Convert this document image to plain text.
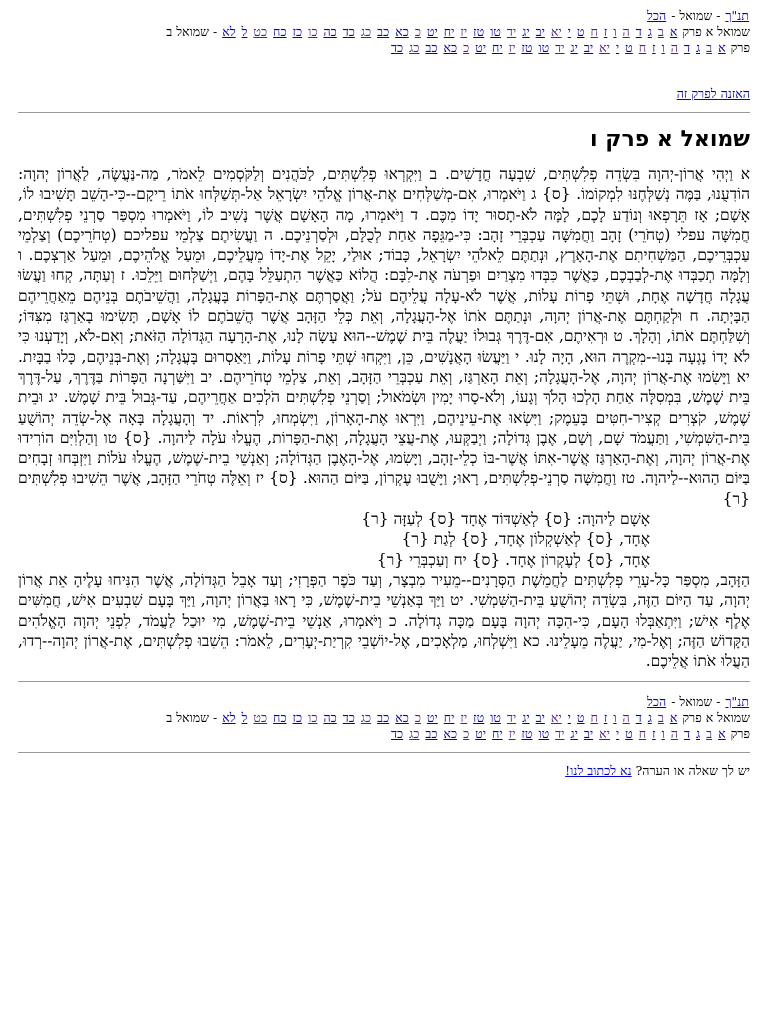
תנ"ך - שמואל - הכל
שמואל א פרק א ב ג ד ה ו ז ח ט י יא יב יג יד טו טז יז יח יט כ כא כב כג כד כה כו כז כח כט ל לא - שמואל ב
פרק א ב ג ד ה ו ז ח ט י יא יב יג יד טו טז יז יח יט כ כא כב כג כד
האזנה לפרק זה
שמואל א פרק ו

א וַיְהִי אֲרוֹן-יְהוָה בִּשְׂדֵה פְלִשְׁתִּים, שִׁבְעָה חֳדָשִׁים. ב וַיִּקְרְאוּ פְלִשְׁתִּים, לַכֹּהֲנִים וְלַקֹּסְמִים לֵאמֹר, מַה-נַּעֲשֶׂה, לַאֲרוֹן יְהוָה: הוֹדִעֻנוּ, בַּמֶּה נְשַׁלְּחֶנּוּ לִמְקוֹמוֹ. {ס} ג וַיֹּאמְרוּ, אִם-מְשַׁלְּחִים אֶת-אֲרוֹן אֱלֹהֵי יִשְׂרָאֵל אַל-תְּשַׁלְּחוּ אֹתוֹ רֵיקָם--כִּי-הָשֵׁב תָּשִׁיבוּ לוֹ, אָשָׁם; אָז תֵּרָפְאוּ וְנוֹדַע לָכֶם, לָמָּה לֹא-תָסוּר יָדוֹ מִכֶּם. ד וַיֹּאמְרוּ, מָה הָאָשָׁם אֲשֶׁר נָשִׁיב לוֹ, וַיֹּאמְרוּ מִסְפַּר סַרְנֵי פְלִשְׁתִּים, חֲמִשָּׁה עפלי (טְחֹרֵי) זָהָב וַחֲמִשָּׁה עַכְבְּרֵי זָהָב: כִּי-מַגֵּפָה אַחַת לְכֻלָּם, וּלְסַרְנֵיכֶם. ה וַעֲשִׂיתֶם צַלְמֵי עפליכם (טְחֹרֵיכֶם) וְצַלְמֵי עַכְבְּרֵיכֶם, הַמַּשְׁחִיתִם אֶת-הָאָרֶץ, וּנְתַתֶּם לֵאלֹהֵי יִשְׂרָאֵל, כָּבוֹד; אוּלַי, יָקֵל אֶת-יָדוֹ מֵעֲלֵיכֶם, וּמֵעַל אֱלֹהֵיכֶם, וּמֵעַל אַרְצְכֶם. ו וְלָמָּה תְכַבְּדוּ אֶת-לְבַבְכֶם, כַּאֲשֶׁר כִּבְּדוּ מִצְרַיִם וּפַרְעֹה אֶת-לִבָּם: הֲלוֹא כַּאֲשֶׁר הִתְעַלֵּל בָּהֶם, וַיְשַׁלְּחוּם וַיֵּלֵכוּ. ז וְעַתָּה, קְחוּ וַעֲשׂוּ עֲגָלָה חֲדָשָׁה אֶחָת, וּשְׁתֵּי פָרוֹת עָלוֹת, אֲשֶׁר לֹא-עָלָה עֲלֵיהֶם עֹל; וַאֲסַרְתֶּם אֶת-הַפָּרוֹת בָּעֲגָלָה, וַהֲשֵׁיבֹתֶם בְּנֵיהֶם מֵאַחֲרֵיהֶם הַבָּיְתָה. ח וּלְקַחְתֶּם אֶת-אֲרוֹן יְהוָה, וּנְתַתֶּם אֹתוֹ אֶל-הָעֲגָלָה, וְאֵת כְּלֵי הַזָּהָב אֲשֶׁר הֲשֵׁבֹתֶם לוֹ אָשָׁם, תָּשִׂימוּ בָאַרְגַּז מִצִּדּוֹ; וְשִׁלַּחְתֶּם אֹתוֹ, וְהָלָךְ. ט וּרְאִיתֶם, אִם-דֶּרֶךְ גְּבוּלוֹ יַעֲלֶה בֵּית שֶׁמֶשׁ--הוּא עָשָׂה לָנוּ, אֶת-הָרָעָה הַגְּדוֹלָה הַזֹּאת; וְאִם-לֹא, וְיָדַעְנוּ כִּי לֹא יָדוֹ נָגְעָה בָּנוּ--מִקְרֶה הוּא, הָיָה לָנוּ. י וַיַּעֲשׂוּ הָאֲנָשִׁים, כֵּן, וַיִּקְחוּ שְׁתֵּי פָרוֹת עָלוֹת, וַיַּאַסְרוּם בָּעֲגָלָה; וְאֶת-בְּנֵיהֶם, כָּלוּ בַבָּיִת. יא וַיָּשִׂמוּ אֶת-אֲרוֹן יְהוָה, אֶל-הָעֲגָלָה; וְאֵת הָאַרְגַּז, וְאֵת עַכְבְּרֵי הַזָּהָב, וְאֵת, צַלְמֵי טְחֹרֵיהֶם. יב וַיִּשַּׁרְנָה הַפָּרוֹת בַּדֶּרֶךְ, עַל-דֶּרֶךְ בֵּית שֶׁמֶשׁ, בִּמְסִלָּה אַחַת הָלְכוּ הָלֹךְ וְגָעוֹ, וְלֹא-סָרוּ יָמִין וּשְׂמֹאול; וְסַרְנֵי פְלִשְׁתִּים הֹלְכִים אַחֲרֵיהֶם, עַד-גְּבוּל בֵּית שָׁמֶשׁ. יג וּבֵית שֶׁמֶשׁ, קֹצְרִים קְצִיר-חִטִּים בָּעֵמֶק; וַיִּשְׂאוּ אֶת-עֵינֵיהֶם, וַיִּרְאוּ אֶת-הָאָרוֹן, וַיִּשְׂמְחוּ, לִרְאוֹת. יד וְהָעֲגָלָה בָּאָה אֶל-שְׂדֵה יְהוֹשֻׁעַ בֵּית-הַשִּׁמְשִׁי, וַתַּעֲמֹד שָׁם, וְשָׁם, אֶבֶן גְּדוֹלָה; וַיְבַקְּעוּ, אֶת-עֲצֵי הָעֲגָלָה, וְאֶת-הַפָּרוֹת, הֶעֱלוּ עֹלָה לַיהוָה. {ס} טו וְהַלְוִיִּם הוֹרִידוּ אֶת-אֲרוֹן יְהוָה, וְאֶת-הָאַרְגַּז אֲשֶׁר-אִתּוֹ אֲשֶׁר-בּוֹ כְלֵי-זָהָב, וַיָּשִׂמוּ, אֶל-הָאֶבֶן הַגְּדוֹלָה; וְאַנְשֵׁי בֵית-שֶׁמֶשׁ, הֶעֱלוּ עֹלוֹת וַיִּזְבְּחוּ זְבָחִים בַּיּוֹם הַהוּא--לַיהוָה. טז וַחֲמִשָּׁה סַרְנֵי-פְלִשְׁתִּים, רָאוּ; וַיָּשֻׁבוּ עֶקְרוֹן, בַּיּוֹם הַהוּא. {ס} יז וְאֵלֶּה טְחֹרֵי הַזָּהָב, אֲשֶׁר הֵשִׁיבוּ פְלִשְׁתִּים {ר}

אָשָׁם לַיהוָה: {ס} לְאַשְׁדּוֹד אֶחָד {ס} לְעַזָּה {ר}
אֶחָד, {ס} לְאַשְׁקְלוֹן אֶחָד, {ס} לְגַת {ר}
אֶחָד, {ס} לְעֶקְרוֹן אֶחָד. {ס} יח וְעַכְבְּרֵי {ר}

הַזָּהָב, מִסְפַּר כָּל-עָרֵי פְלִשְׁתִּים לַחֲמֵשֶׁת הַסְּרָנִים--מֵעִיר מִבְצָר, וְעַד כֹּפֶר הַפְּרָזִי; וְעַד אָבֵל הַגְּדוֹלָה, אֲשֶׁר הִנִּיחוּ עָלֶיהָ אֵת אֲרוֹן יְהוָה, עַד הַיּוֹם הַזֶּה, בִּשְׂדֵה יְהוֹשֻׁעַ בֵּית-הַשִּׁמְשִׁי. יט וַיַּךְ בְּאַנְשֵׁי בֵית-שֶׁמֶשׁ, כִּי רָאוּ בַּאֲרוֹן יְהוָה, וַיַּךְ בָּעָם שִׁבְעִים אִישׁ, חֲמִשִּׁים אֶלֶף אִישׁ; וַיִּתְאַבְּלוּ הָעָם, כִּי-הִכָּה יְהוָה בָּעָם מַכָּה גְדוֹלָה. כ וַיֹּאמְרוּ, אַנְשֵׁי בֵית-שֶׁמֶשׁ, מִי יוּכַל לַעֲמֹד, לִפְנֵי יְהוָה הָאֱלֹהִים הַקָּדוֹשׁ הַזֶּה; וְאֶל-מִי, יַעֲלֶה מֵעָלֵינוּ. כא וַיִּשְׁלְחוּ, מַלְאָכִים, אֶל-יוֹשְׁבֵי קִרְיַת-יְעָרִים, לֵאמֹר: הֵשִׁבוּ פְלִשְׁתִּים, אֶת-אֲרוֹן יְהוָה--רְדוּ, הַעֲלוּ אֹתוֹ אֲלֵיכֶם.

תנ"ך - שמואל - הכל
שמואל א פרק א ב ג ד ה ו ז ח ט י יא יב יג יד טו טז יז יח יט כ כא כב כג כד כה כו כז כח כט ל לא - שמואל ב
פרק א ב ג ד ה ו ז ח ט י יא יב יג יד טו טז יז יח יט כ כא כב כג כד
יש לך שאלה או הערה? נא לכתוב לנו!
